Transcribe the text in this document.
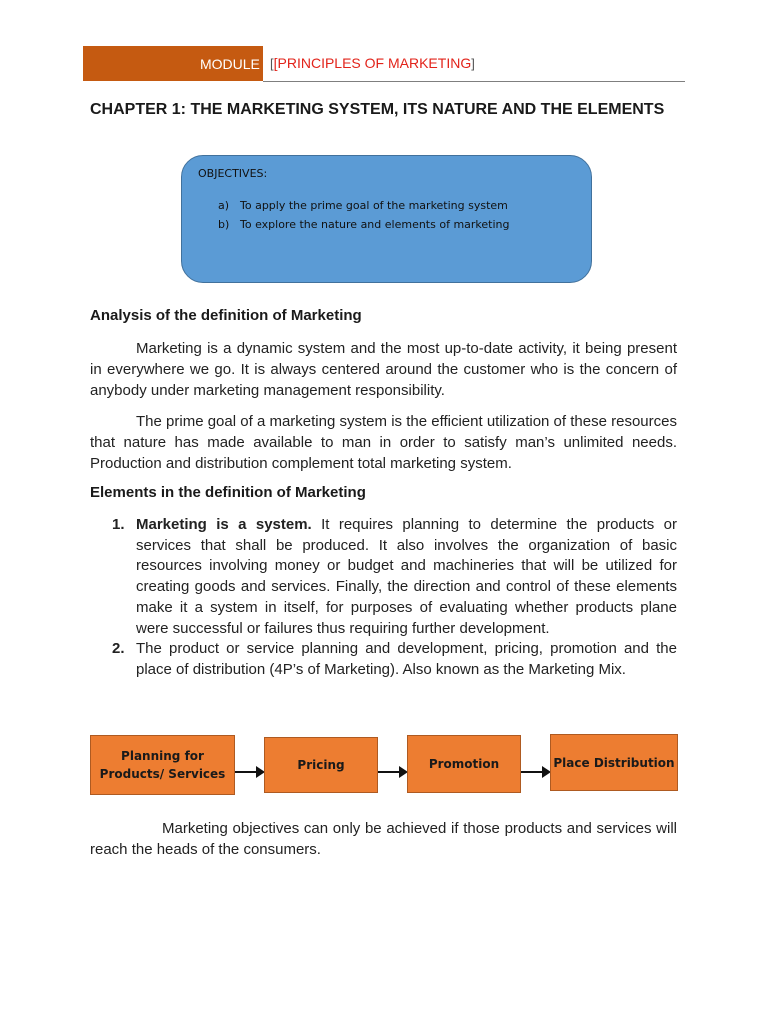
MODULE [[PRINCIPLES OF MARKETING]
CHAPTER 1: THE MARKETING SYSTEM, ITS NATURE AND THE ELEMENTS
OBJECTIVES:
a) To apply the prime goal of the marketing system
b) To explore the nature and elements of marketing
Analysis of the definition of Marketing
Marketing is a dynamic system and the most up-to-date activity, it being present in everywhere we go. It is always centered around the customer who is the concern of anybody under marketing management responsibility.
The prime goal of a marketing system is the efficient utilization of these resources that nature has made available to man in order to satisfy man’s unlimited needs. Production and distribution complement total marketing system.
Elements in the definition of Marketing
1. Marketing is a system. It requires planning to determine the products or services that shall be produced. It also involves the organization of basic resources involving money or budget and machineries that will be utilized for creating goods and services. Finally, the direction and control of these elements make it a system in itself, for purposes of evaluating whether products plane were successful or failures thus requiring further development.
2. The product or service planning and development, pricing, promotion and the place of distribution (4P’s of Marketing). Also known as the Marketing Mix.
Planning for Products/ Services
Pricing	Promotion	Place Distribution
Marketing objectives can only be achieved if those products and services will reach the heads of the consumers.
